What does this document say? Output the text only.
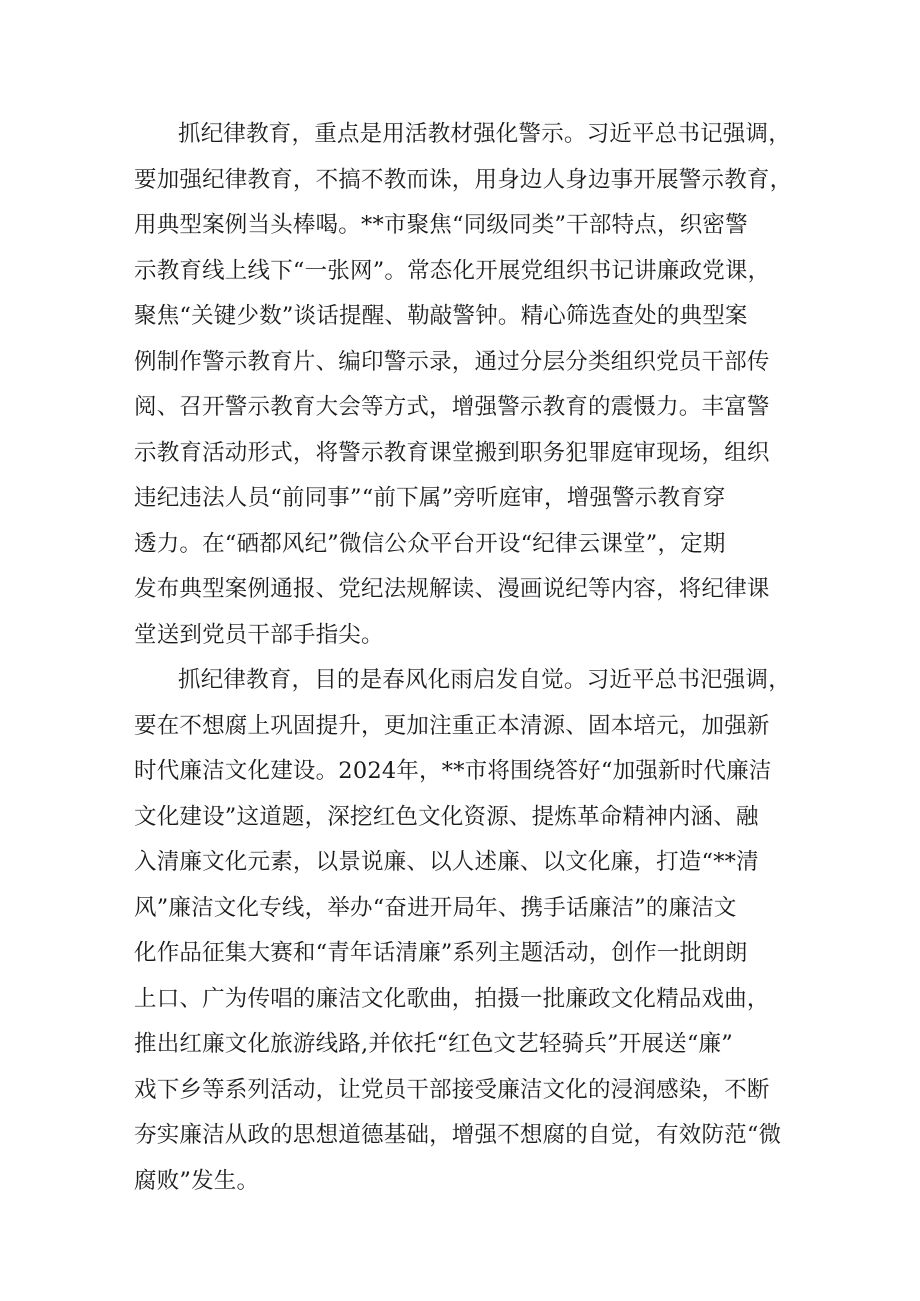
抓纪律教育，重点是用活教材强化警示。习近平总书记强调，
要加强纪律教育，不搞不教而诛，用身边人身边事开展警示教育，
用典型案例当头棒喝。**市聚焦“同级同类”干部特点，织密警
示教育线上线下“一张网”。常态化开展党组织书记讲廉政党课，
聚焦“关键少数”谈话提醒、勒敲警钟。精心筛选查处的典型案
例制作警示教育片、编印警示录，通过分层分类组织党员干部传
阅、召开警示教育大会等方式，增强警示教育的震慑力。丰富警
示教育活动形式，将警示教育课堂搬到职务犯罪庭审现场，组织
违纪违法人员“前同事”“前下属”旁听庭审，增强警示教育穿
透力。在“硒都风纪”微信公众平台开设“纪律云课堂”，定期
发布典型案例通报、党纪法规解读、漫画说纪等内容，将纪律课
堂送到党员干部手指尖。
抓纪律教育，目的是春风化雨启发自觉。习近平总书汜强调，
要在不想腐上巩固提升，更加注重正本清源、固本培元，加强新
时代廉洁文化建设。2024年，**市将围绕答好“加强新时代廉洁
文化建设”这道题，深挖红色文化资源、提炼革命精神内涵、融
入清廉文化元素，以景说廉、以人述廉、以文化廉，打造“**清
风”廉洁文化专线，举办“奋进开局年、携手话廉洁”的廉洁文
化作品征集大赛和“青年话清廉”系列主题活动，创作一批朗朗
上口、广为传唱的廉洁文化歌曲，拍摄一批廉政文化精品戏曲，
推出红廉文化旅游线路,并依托“红色文艺轻骑兵”开展送“廉”
戏下乡等系列活动，让党员干部接受廉洁文化的浸润感染，不断
夯实廉洁从政的思想道德基础，增强不想腐的自觉，有效防范“微
腐败”发生。
